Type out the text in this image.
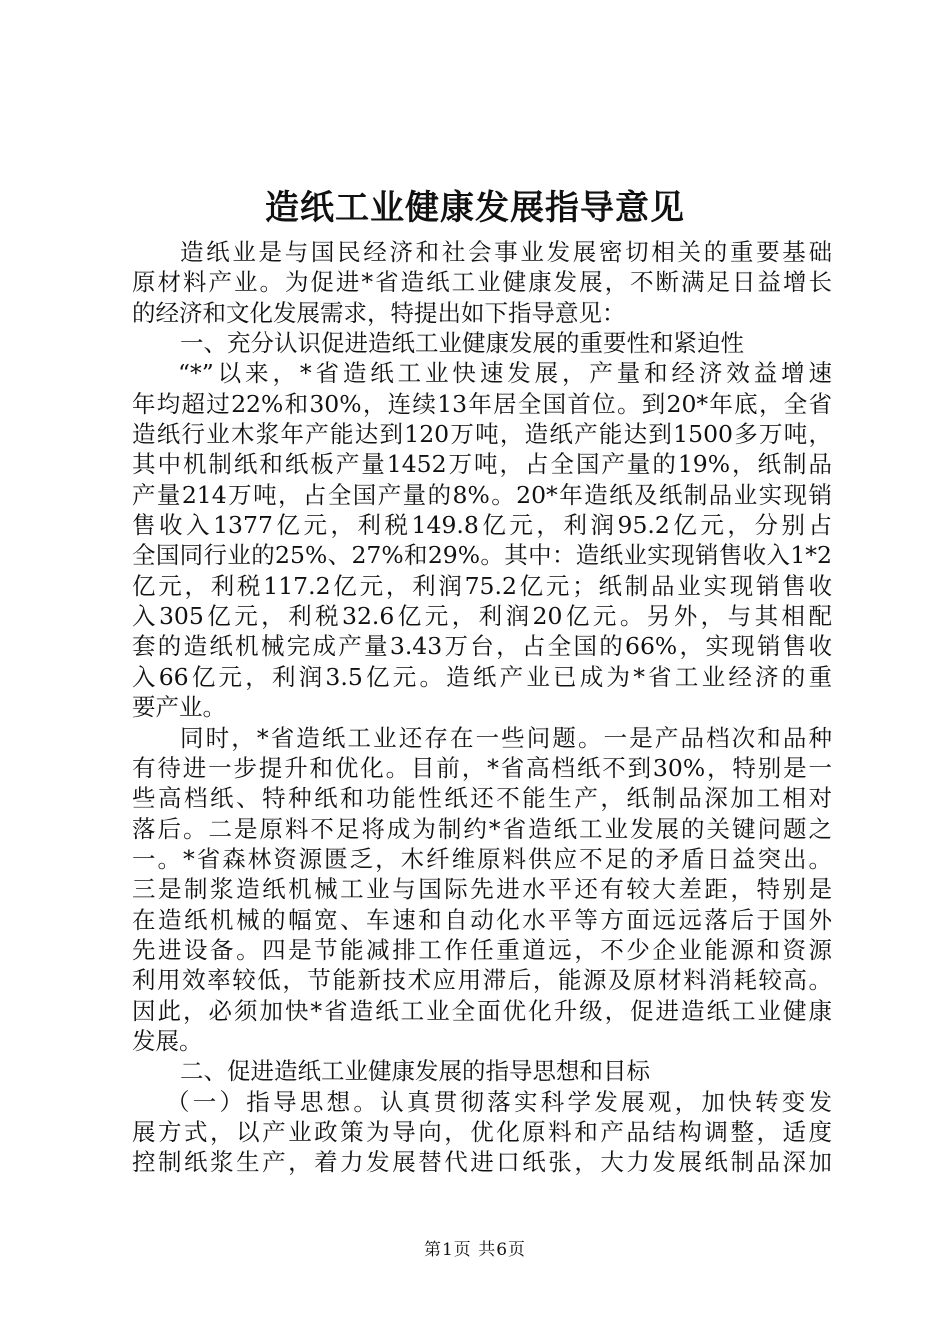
造纸工业健康发展指导意见
造纸业是与国民经济和社会事业发展密切相关的重要基础
原材料产业。为促进*省造纸工业健康发展，不断满足日益增长
的经济和文化发展需求，特提出如下指导意见：
一、充分认识促进造纸工业健康发展的重要性和紧迫性
“*”以来，*省造纸工业快速发展，产量和经济效益增速
年均超过22%和30%，连续13年居全国首位。到20*年底，全省
造纸行业木浆年产能达到120万吨，造纸产能达到1500多万吨，
其中机制纸和纸板产量1452万吨，占全国产量的19%，纸制品
产量214万吨，占全国产量的8%。20*年造纸及纸制品业实现销
售收入1377亿元，利税149.8亿元，利润95.2亿元，分别占
全国同行业的25%、27%和29%。其中：造纸业实现销售收入1*2
亿元，利税117.2亿元，利润75.2亿元；纸制品业实现销售收
入305亿元，利税32.6亿元，利润20亿元。另外，与其相配
套的造纸机械完成产量3.43万台，占全国的66%，实现销售收
入66亿元，利润3.5亿元。造纸产业已成为*省工业经济的重
要产业。
同时，*省造纸工业还存在一些问题。一是产品档次和品种
有待进一步提升和优化。目前，*省高档纸不到30%，特别是一
些高档纸、特种纸和功能性纸还不能生产，纸制品深加工相对
落后。二是原料不足将成为制约*省造纸工业发展的关键问题之
一。*省森林资源匮乏，木纤维原料供应不足的矛盾日益突出。
三是制浆造纸机械工业与国际先进水平还有较大差距，特别是
在造纸机械的幅宽、车速和自动化水平等方面远远落后于国外
先进设备。四是节能减排工作任重道远，不少企业能源和资源
利用效率较低，节能新技术应用滞后，能源及原材料消耗较高。
因此，必须加快*省造纸工业全面优化升级，促进造纸工业健康
发展。
二、促进造纸工业健康发展的指导思想和目标
（一）指导思想。认真贯彻落实科学发展观，加快转变发
展方式，以产业政策为导向，优化原料和产品结构调整，适度
控制纸浆生产，着力发展替代进口纸张，大力发展纸制品深加
第1页 共6页
